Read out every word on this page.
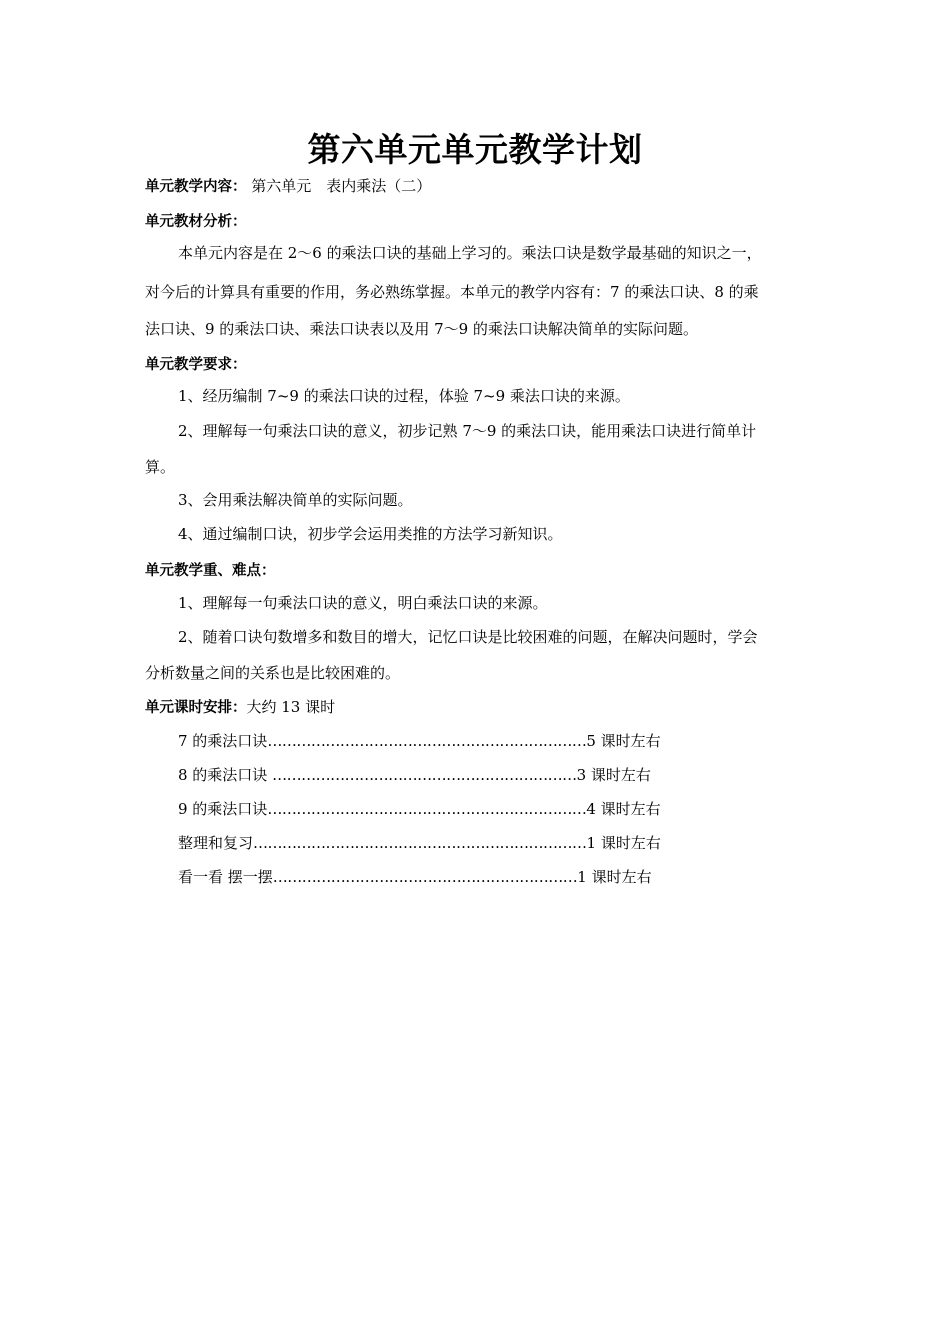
第六单元单元教学计划
单元教学内容： 第六单元　表内乘法（二）
单元教材分析：
本单元内容是在 2～6 的乘法口诀的基础上学习的。乘法口诀是数学最基础的知识之一，
对今后的计算具有重要的作用，务必熟练掌握。本单元的教学内容有：7 的乘法口诀、8 的乘
法口诀、9 的乘法口诀、乘法口诀表以及用 7～9 的乘法口诀解决简单的实际问题。
单元教学要求：
1、经历编制 7~9 的乘法口诀的过程，体验 7~9 乘法口诀的来源。
2、理解每一句乘法口诀的意义，初步记熟 7～9 的乘法口诀，能用乘法口诀进行简单计
算。
3、会用乘法解决简单的实际问题。
4、通过编制口诀，初步学会运用类推的方法学习新知识。
单元教学重、难点：
1、理解每一句乘法口诀的意义，明白乘法口诀的来源。
2、随着口诀句数增多和数目的增大，记忆口诀是比较困难的问题，在解决问题时，学会
分析数量之间的关系也是比较困难的。
单元课时安排：大约 13 课时
7 的乘法口诀…………………………………………………………5 课时左右
8 的乘法口诀 ………………………………………………………3 课时左右
9 的乘法口诀…………………………………………………………4 课时左右
整理和复习……………………………………………………………1 课时左右
看一看 摆一摆………………………………………………………1 课时左右
